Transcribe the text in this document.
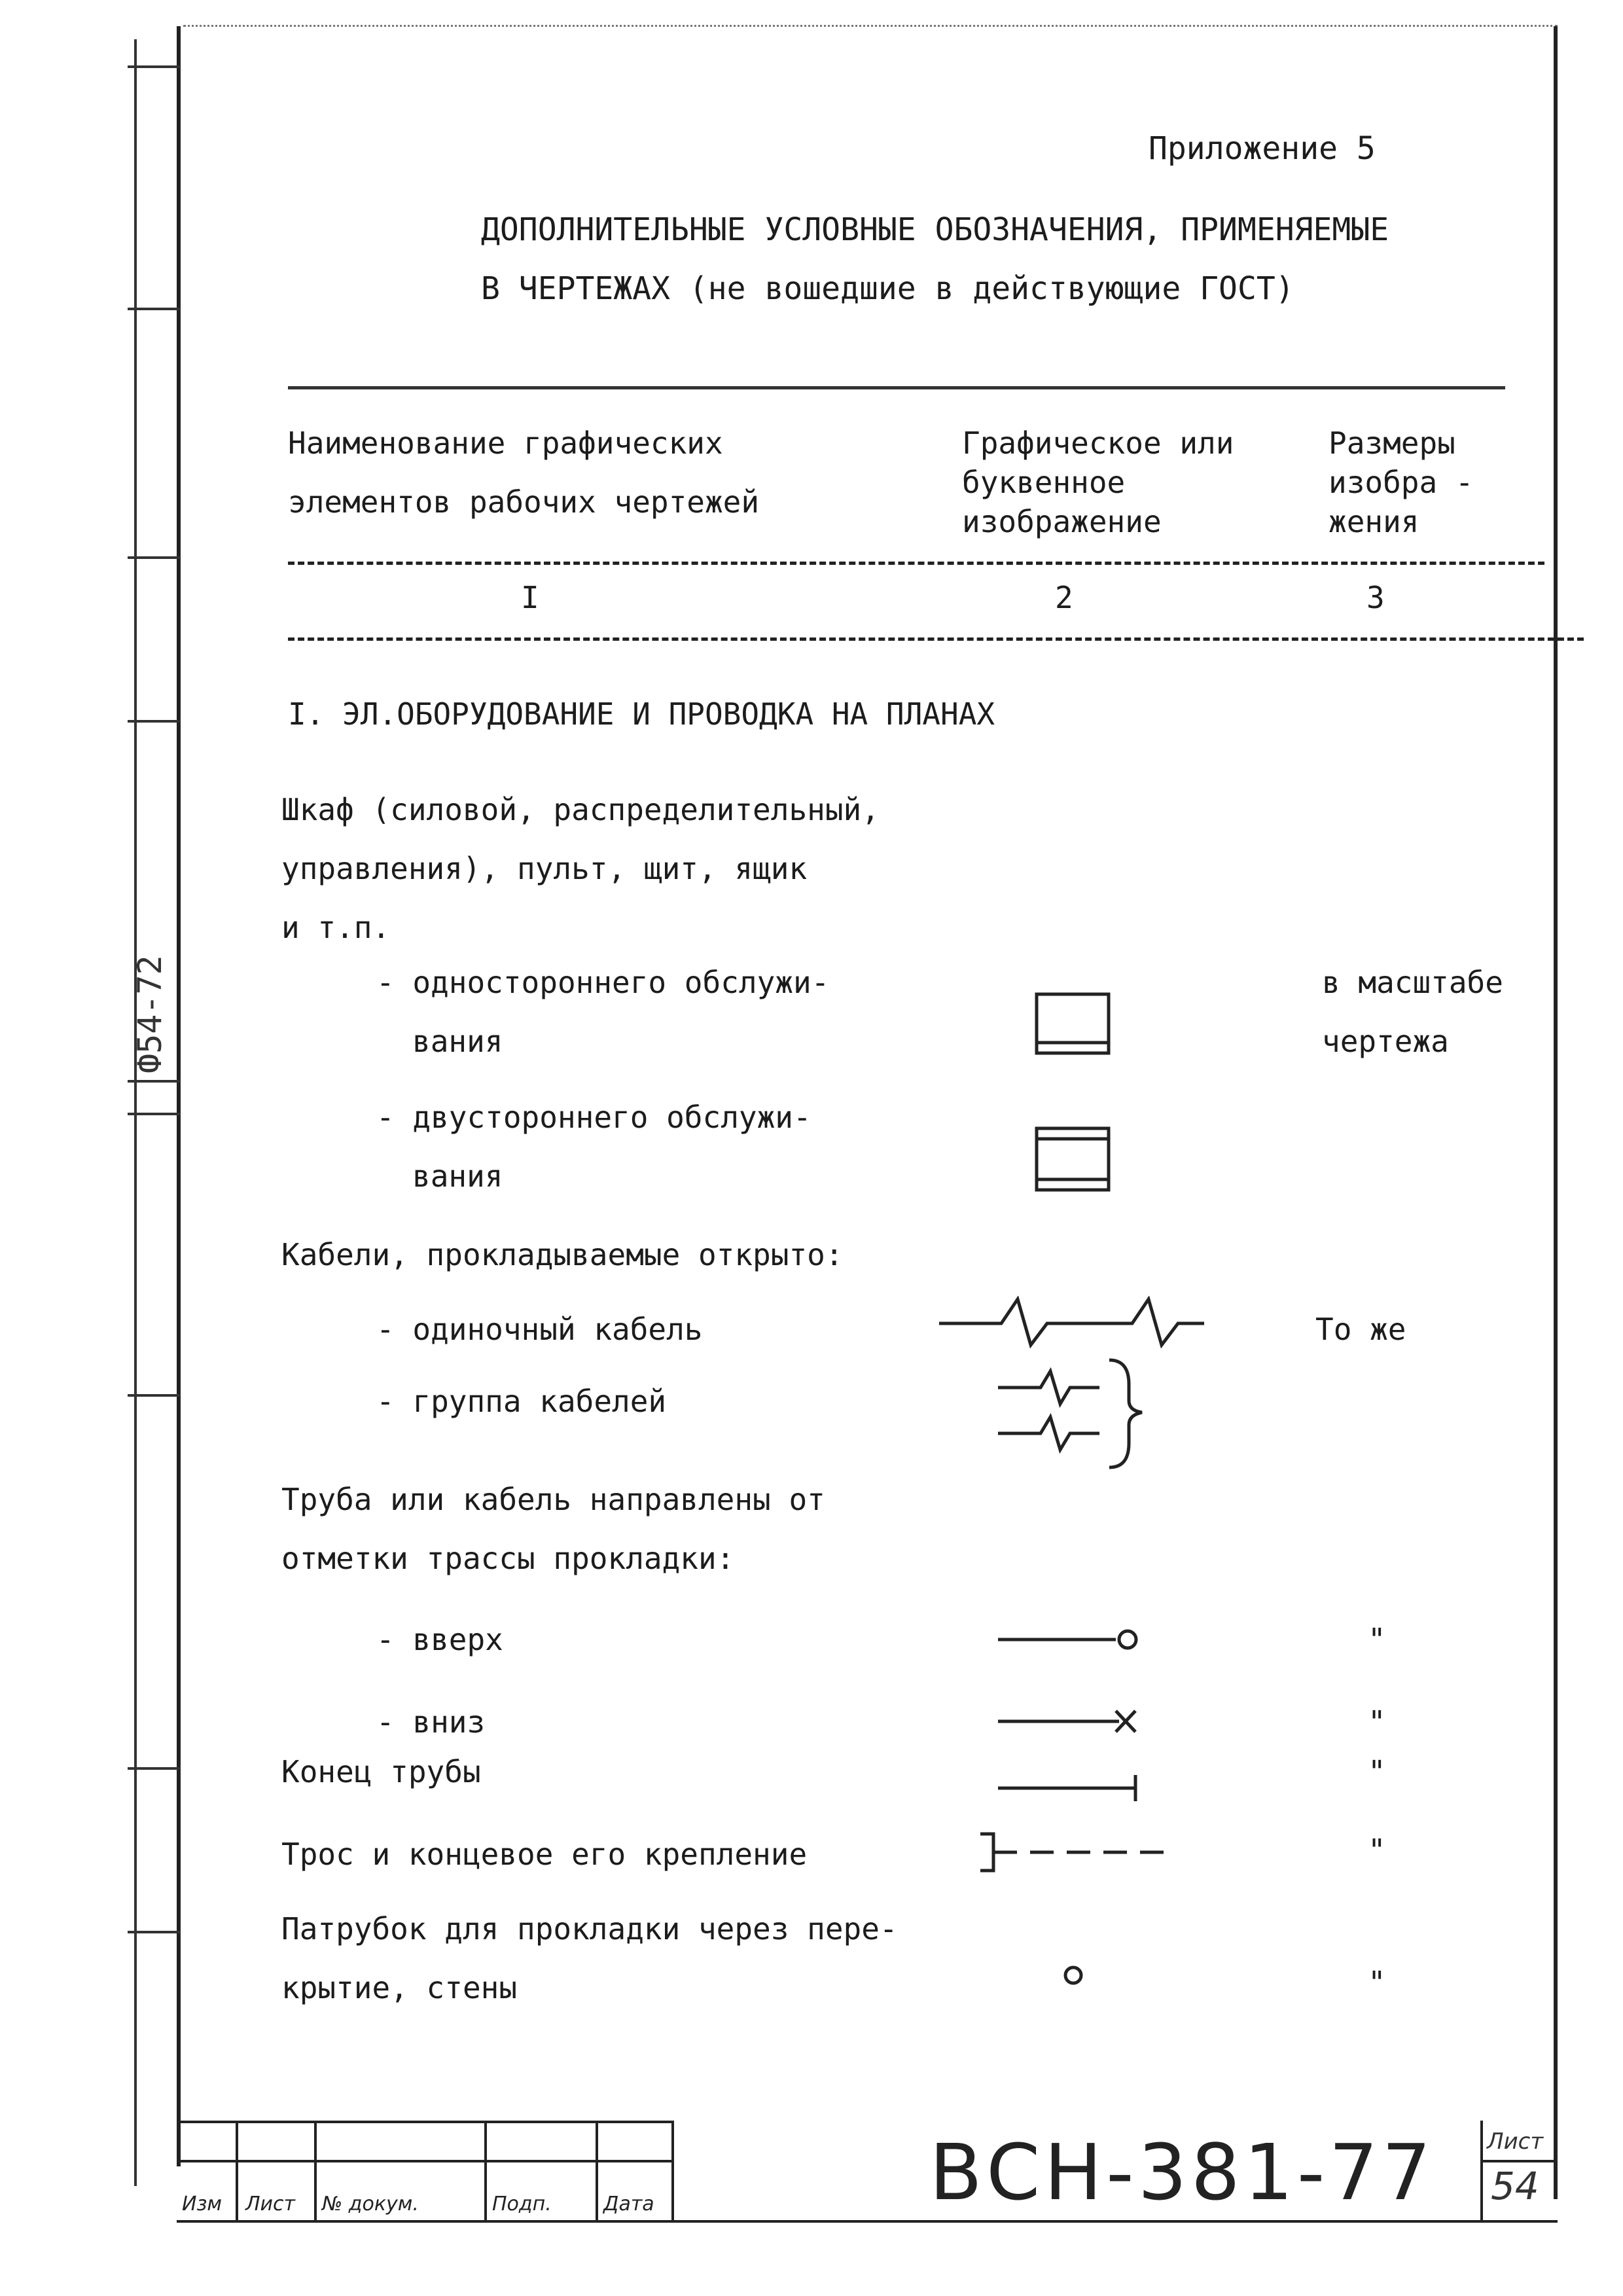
Ф54-72
Приложение 5
ДОПОЛНИТЕЛЬНЫЕ УСЛОВНЫЕ ОБОЗНАЧЕНИЯ, ПРИМЕНЯЕМЫЕ
В ЧЕРТЕЖАХ (не вошедшие в действующие ГОСТ)
Наименование графических
элементов рабочих чертежей
Графическое или
буквенное
изображение
Размеры
изобра -
жения
I	2	3
I. ЭЛ.ОБОРУДОВАНИЕ И ПРОВОДКА НА ПЛАНАХ
Шкаф (силовой, распределительный,
управления), пульт, щит, ящик
и т.п.
- одностороннего обслужи-
вания
в масштабе
чертежа
- двустороннего обслужи-
вания
Кабели, прокладываемые открыто:
- одиночный кабель	То же
- группа кабелей
Труба или кабель направлены от
отметки трассы прокладки:
- вверх	"
- вниз	"
Конец трубы	"
Трос и концевое его крепление	"
Патрубок для прокладки через пере-
крытие, стены	"
Изм Лист № докум.	Подп.	Дата	ВСН-381-77 Лист
54
